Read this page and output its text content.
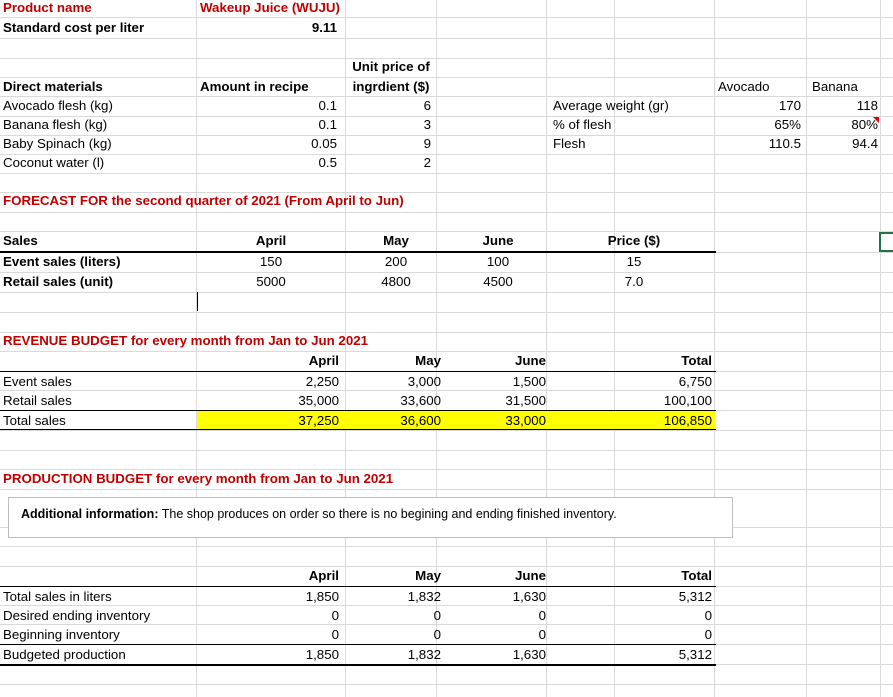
Product name	Wakeup Juice (WUJU)
Standard cost per liter	9.11
Unit price of
Direct materials	Amount in recipe	ingrdient ($)
Avocado flesh (kg)	0.1	6
Banana flesh (kg)	0.1	3
Baby Spinach (kg)	0.05	9
Coconut water (l)	0.5	2
Avocado	Banana
Average weight (gr)	170	118
% of flesh	65%	80%
Flesh	110.5	94.4
FORECAST FOR the second quarter of 2021 (From April to Jun)
Sales	April	May	June	Price ($)
Event sales (liters)	150	200	100	15
Retail sales (unit)	5000	4800	4500	7.0
REVENUE BUDGET for every month from Jan to Jun 2021
April	May	June	Total
Event sales	2,250	3,000	1,500	6,750
Retail sales	35,000	33,600	31,500	100,100
Total sales	37,250	36,600	33,000	106,850
PRODUCTION BUDGET for every month from Jan to Jun 2021
Additional information: The shop produces on order so there is no begining and ending finished inventory.
April	May	June	Total
Total sales in liters	1,850	1,832	1,630	5,312
Desired ending inventory	0	0	0	0
Beginning inventory	0	0	0	0
Budgeted production	1,850	1,832	1,630	5,312
